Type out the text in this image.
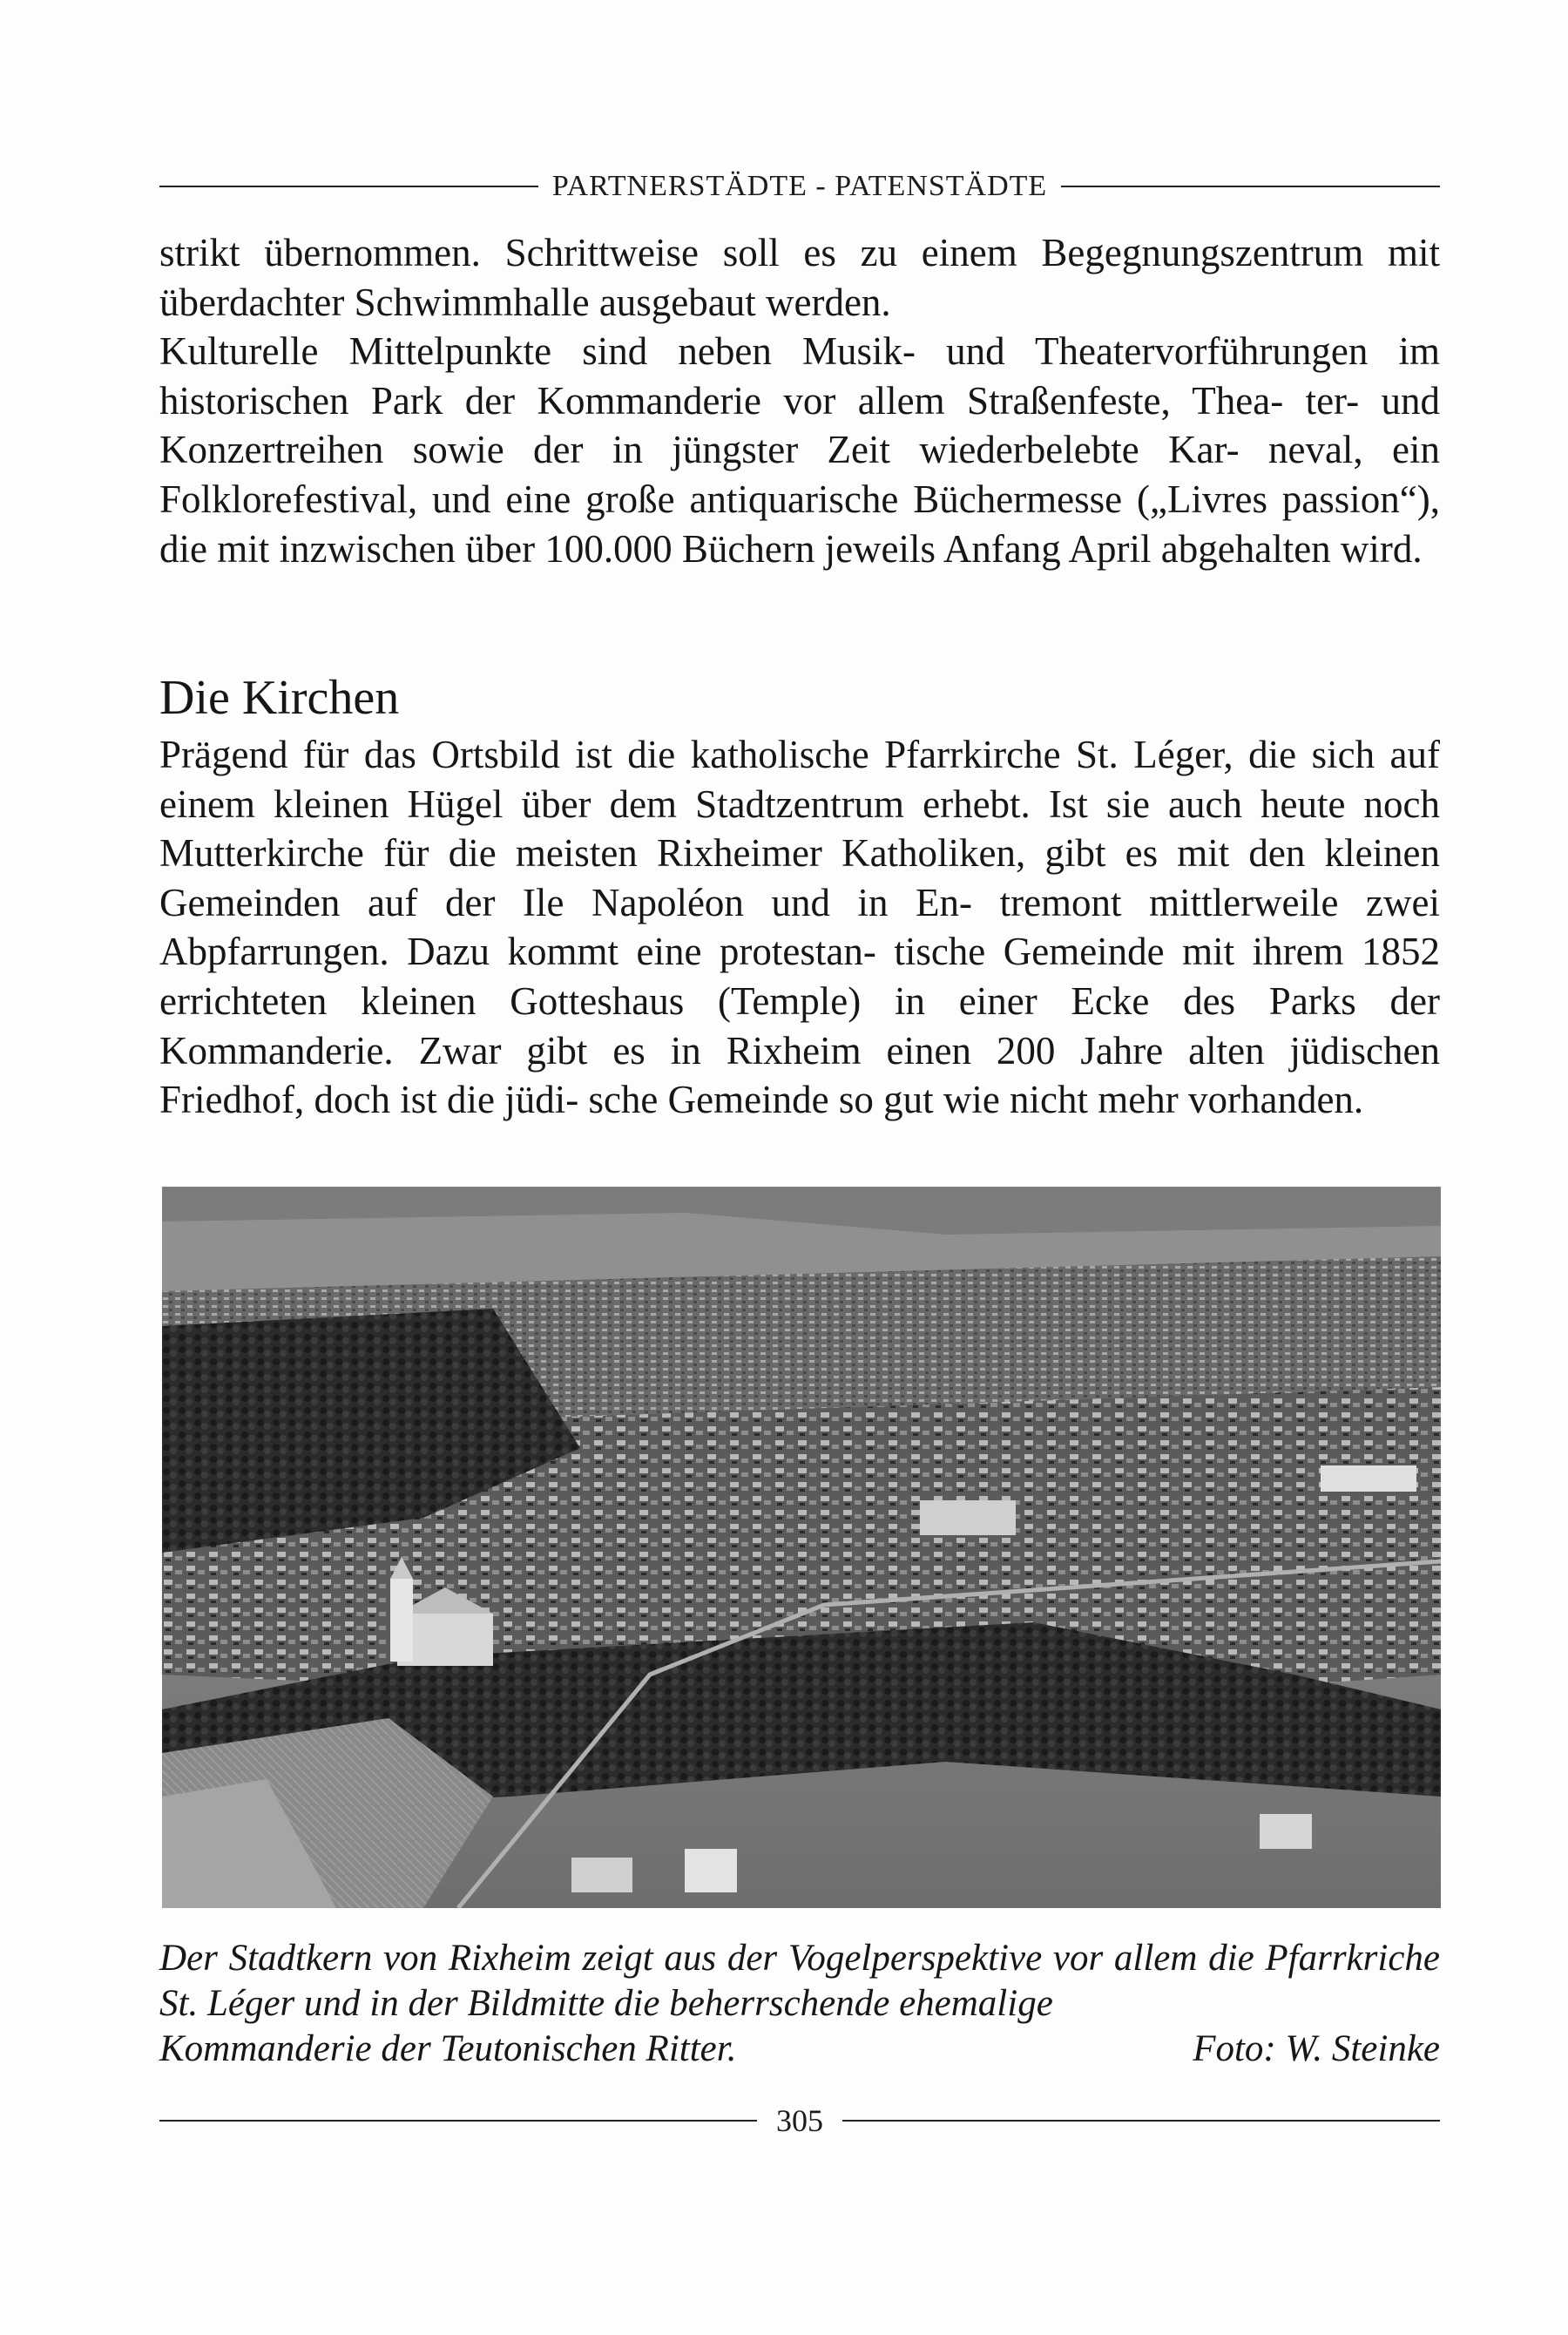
PARTNERSTÄDTE - PATENSTÄDTE

strikt übernommen. Schrittweise soll es zu einem Begegnungszentrum mit überdachter Schwimmhalle ausgebaut werden.

Kulturelle Mittelpunkte sind neben Musik- und Theatervorführungen im historischen Park der Kommanderie vor allem Straßenfeste, Thea- ter- und Konzertreihen sowie der in jüngster Zeit wiederbelebte Kar- neval, ein Folklorefestival, und eine große antiquarische Büchermesse („Livres passion“), die mit inzwischen über 100.000 Büchern jeweils Anfang April abgehalten wird.

Die Kirchen

Prägend für das Ortsbild ist die katholische Pfarrkirche St. Léger, die sich auf einem kleinen Hügel über dem Stadtzentrum erhebt. Ist sie auch heute noch Mutterkirche für die meisten Rixheimer Katholiken, gibt es mit den kleinen Gemeinden auf der Ile Napoléon und in En- tremont mittlerweile zwei Abpfarrungen. Dazu kommt eine protestan- tische Gemeinde mit ihrem 1852 errichteten kleinen Gotteshaus (Temple) in einer Ecke des Parks der Kommanderie. Zwar gibt es in Rixheim einen 200 Jahre alten jüdischen Friedhof, doch ist die jüdi- sche Gemeinde so gut wie nicht mehr vorhanden.

Der Stadtkern von Rixheim zeigt aus der Vogelperspektive vor allem die Pfarrkriche St. Léger und in der Bildmitte die beherrschende ehemalige

Kommanderie der Teutonischen Ritter.	Foto: W. Steinke
305
